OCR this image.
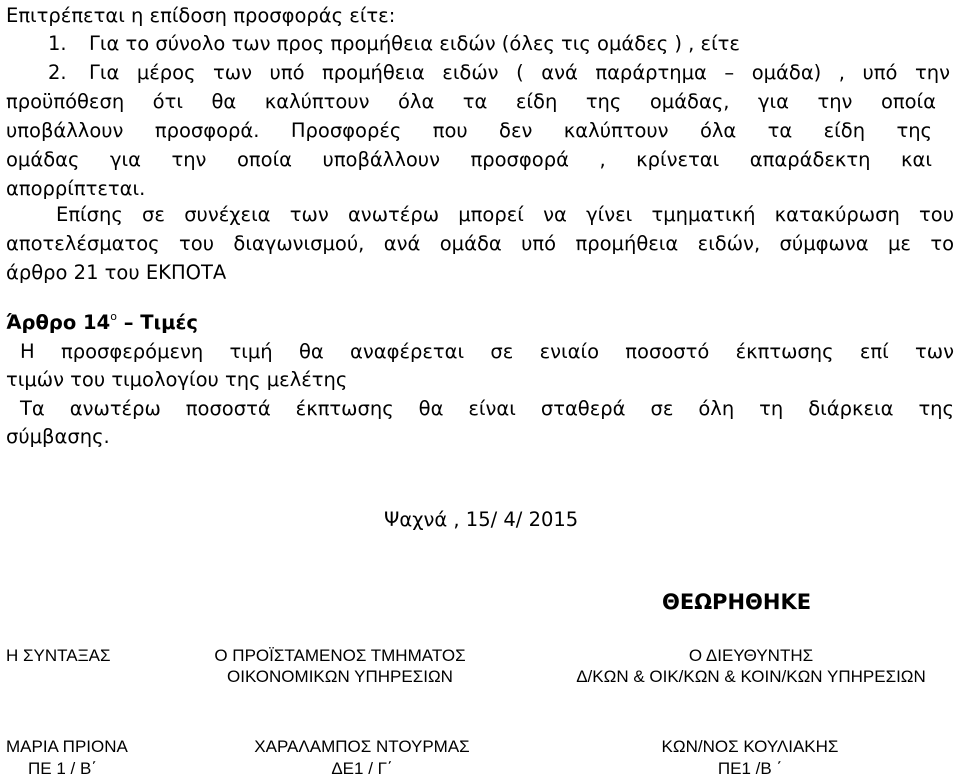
Επιτρέπεται η επίδοση προσφοράς είτε:
1. Για το σύνολο των προς προμήθεια ειδών (όλες τις ομάδες ) , είτε
2. Για μέρος των υπό προμήθεια ειδών ( ανά παράρτημα – ομάδα) , υπό την
προϋπόθεση ότι θα καλύπτουν όλα τα είδη της ομάδας, για την οποία
υποβάλλουν προσφορά. Προσφορές που δεν καλύπτουν όλα τα είδη της
ομάδας για την οποία υποβάλλουν προσφορά , κρίνεται απαράδεκτη και
απορρίπτεται.
Επίσης σε συνέχεια των ανωτέρω μπορεί να γίνει τμηματική κατακύρωση του
αποτελέσματος του διαγωνισμού, ανά ομάδα υπό προμήθεια ειδών, σύμφωνα με το
άρθρο 21 του ΕΚΠΟΤΑ
Άρθρο $14^o$ – Τιμές
Η προσφερόμενη τιμή θα αναφέρεται σε ενιαίο ποσοστό έκπτωσης επί των
τιμών του τιμολογίου της μελέτης
Τα ανωτέρω ποσοστά έκπτωσης θα είναι σταθερά σε όλη τη διάρκεια της
σύμβασης.
Ψαχνά , 15/ 4/ 2015
ΘΕΩΡΗΘΗΚΕ
Η ΣΥΝΤΑΞΑΣ	Ο ΠΡΟΪΣΤΑΜΕΝΟΣ ΤΜΗΜΑΤΟΣ
ΟΙΚΟΝΟΜΙΚΩΝ ΥΠΗΡΕΣΙΩΝ
Ο ΔΙΕΥΘΥΝΤΗΣ
Δ/ΚΩΝ & ΟΙΚ/ΚΩΝ & ΚΟΙΝ/ΚΩΝ ΥΠΗΡΕΣΙΩΝ
ΜΑΡΙΑ ΠΡΙΟΝΑ
ΠΕ 1 / Β΄
ΧΑΡΑΛΑΜΠΟΣ ΝΤΟΥΡΜΑΣ
ΔΕ1 / Γ΄
ΚΩΝ/ΝΟΣ ΚΟΥΛΙΑΚΗΣ
ΠΕ1 /Β ΄
